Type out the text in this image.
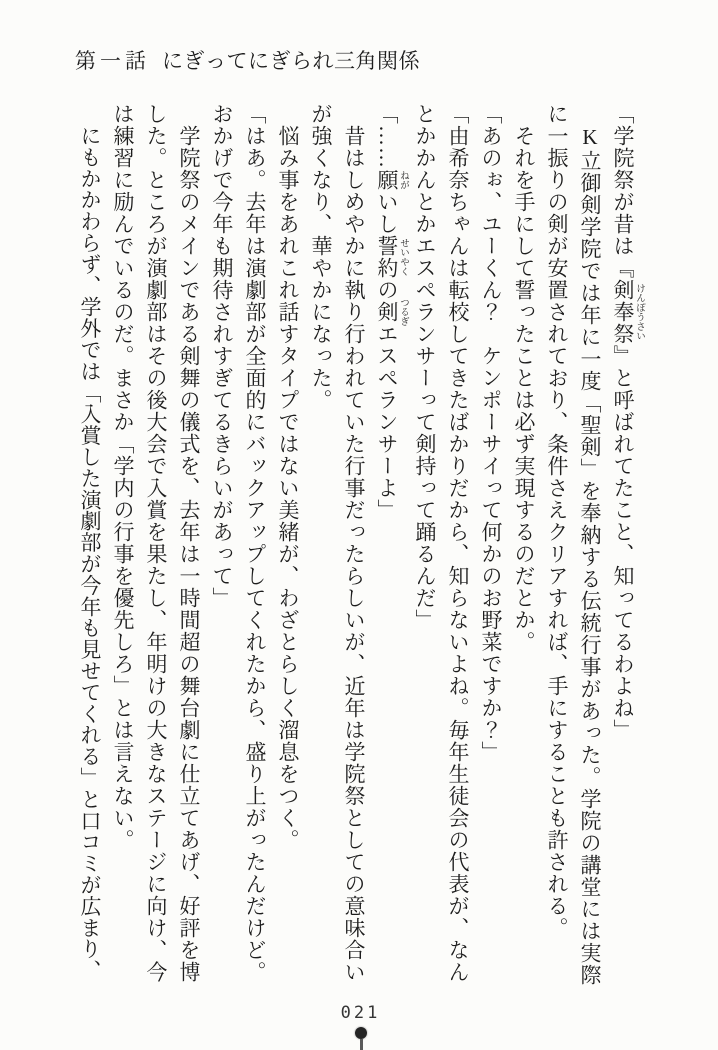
第一話 にぎってにぎられ三角関係

「学院祭が昔は『剣奉祭 けんぽうさい』と呼ばれてたこと、知ってるわよね」

K立御剣学院では年に一度「聖剣」を奉納する伝統行事があった。学院の講堂には実際に一振りの剣が安置されており、条件さえクリアすれば、手にすることも許される。

それを手にして誓ったことは必ず実現するのだとか。

「あのぉ、ユーくん？　ケンポーサイって何かのお野菜ですか？」

「由希奈ちゃんは転校してきたばかりだから、知らないよね。毎年生徒会の代表が、なんとかかんとかエスペランサーって剣持って踊るんだ」

「……願 ねがいし誓約 せいやくの剣 つるぎエスペランサーよ」

昔はしめやかに執り行われていた行事だったらしいが、近年は学院祭としての意味合いが強くなり、華やかになった。

悩み事をあれこれ話すタイプではない美緒が、わざとらしく溜息をつく。

「はあ。去年は演劇部が全面的にバックアップしてくれたから、盛り上がったんだけど。おかげで今年も期待されすぎてるきらいがあって」

学院祭のメインである剣舞の儀式を、去年は一時間超の舞台劇に仕立てあげ、好評を博した。ところが演劇部はその後大会で入賞を果たし、年明けの大きなステージに向け、今は練習に励んでいるのだ。まさか「学内の行事を優先しろ」とは言えない。

にもかかわらず、学外では「入賞した演劇部が今年も見せてくれる」と口コミが広まり、

021
